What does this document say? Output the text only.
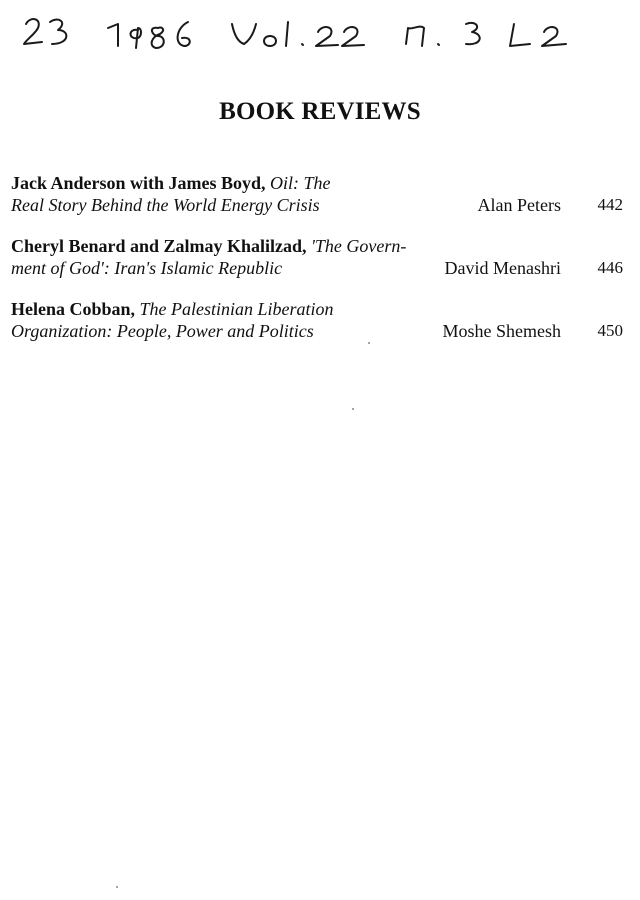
BOOK REVIEWS
Jack Anderson with James Boyd, Oil: The
Real Story Behind the World Energy Crisis	Alan Peters 442
Cheryl Benard and Zalmay Khalilzad, 'The Govern-
ment of God': Iran's Islamic Republic	David Menashri 446
Helena Cobban, The Palestinian Liberation
Organization: People, Power and Politics	Moshe Shemesh 450
